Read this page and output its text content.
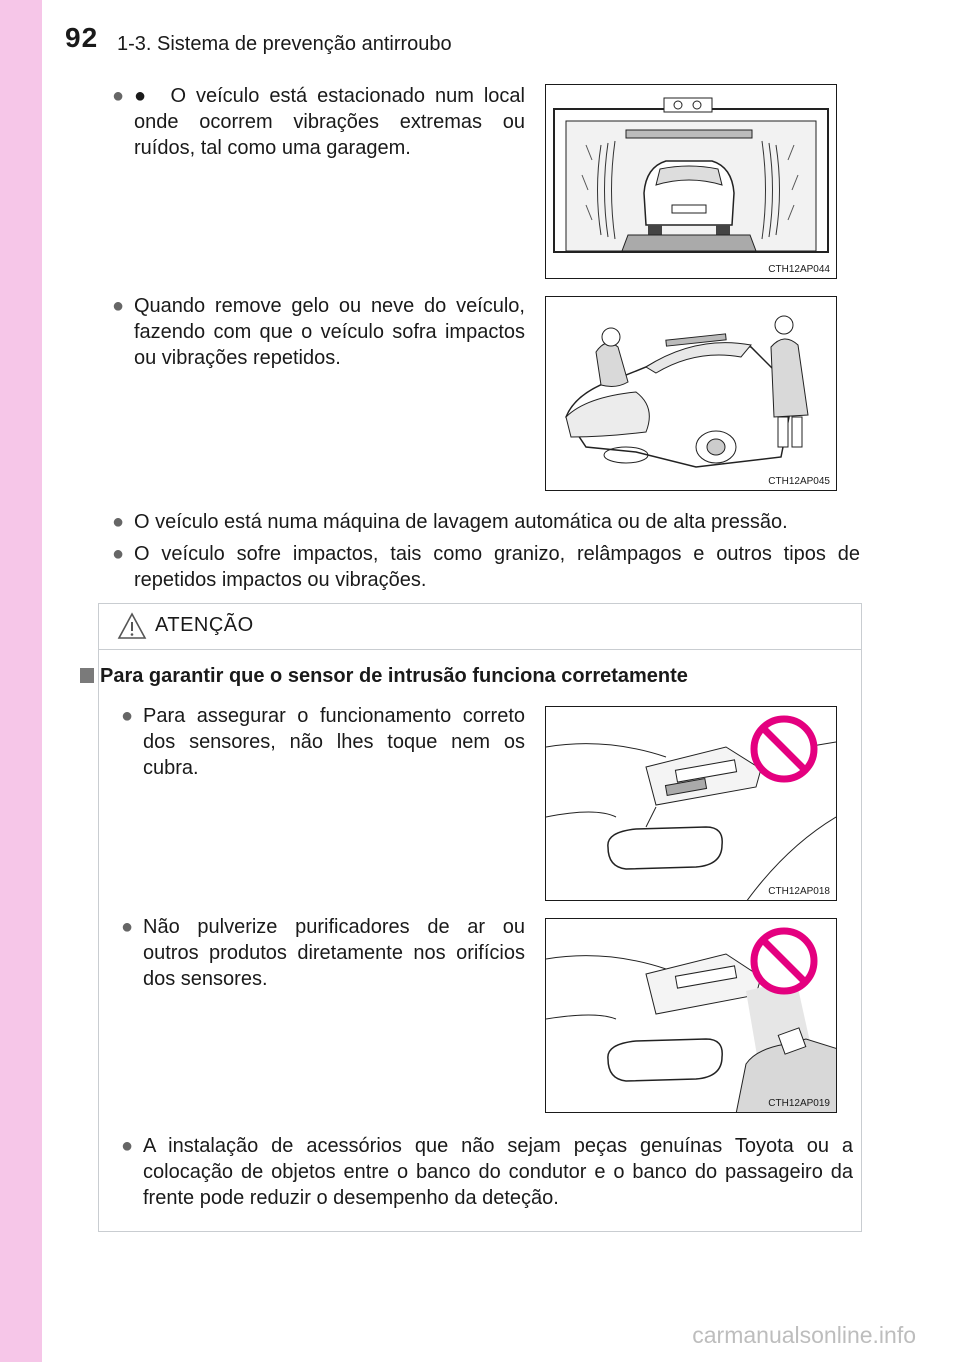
92 1-3. Sistema de prevenção antirroubo
● ● O veículo está estacionado num local onde ocorrem vibrações extremas ou ruídos, tal como uma garagem.
CTH12AP044
● Quando remove gelo ou neve do veículo, fazendo com que o veículo sofra impactos ou vibrações repetidos.
CTH12AP045
● O veículo está numa máquina de lavagem automática ou de alta pressão.
● O veículo sofre impactos, tais como granizo, relâmpagos e outros tipos de repetidos impactos ou vibrações.
ATENÇÃO
Para garantir que o sensor de intrusão funciona corretamente
● Para assegurar o funcionamento correto dos sensores, não lhes toque nem os cubra.
CTH12AP018
● Não pulverize purificadores de ar ou outros produtos diretamente nos orifícios dos sensores.
CTH12AP019
● A instalação de acessórios que não sejam peças genuínas Toyota ou a colocação de objetos entre o banco do condutor e o banco do passageiro da frente pode reduzir o desempenho da deteção.
carmanualsonline.info
